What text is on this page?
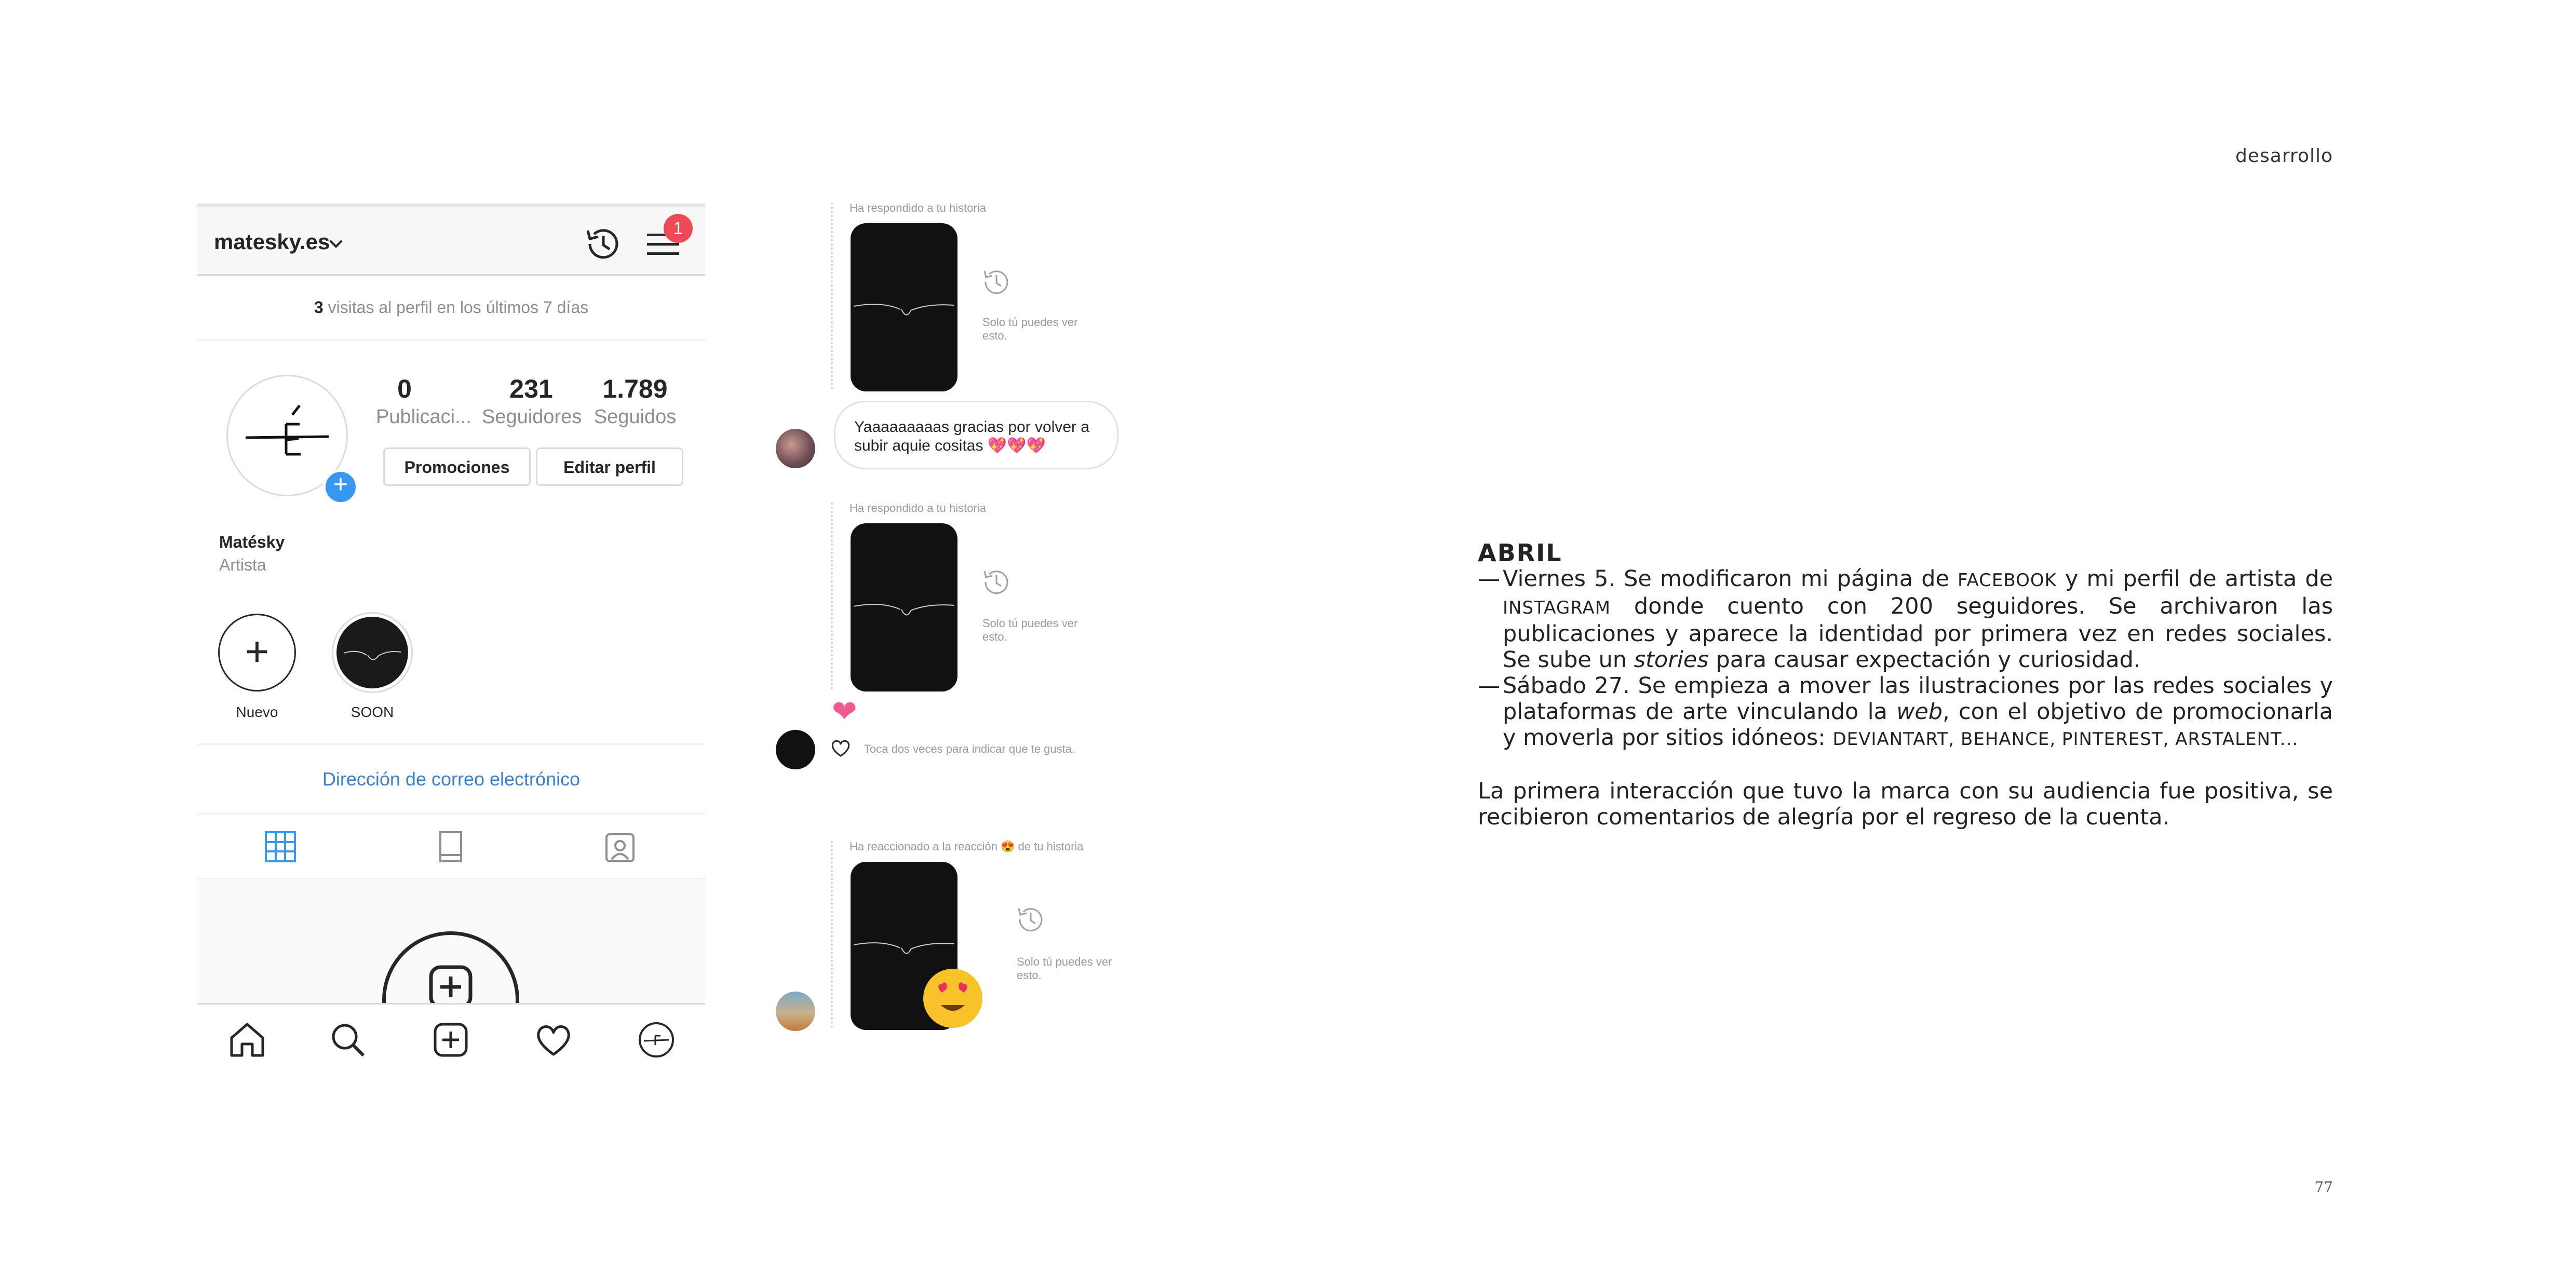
desarrollo
77
matesky.es
1
3 visitas al perfil en los últimos 7 días
+
0
Publicaci...
231
Seguidores
1.789
Seguidos
Promociones	Editar perfil
Matésky
Artista
+
Nuevo	SOON
Dirección de correo electrónico
Ha respondido a tu historia
Solo tú puedes ver esto.
Yaaaaaaaaas gracias por volver a subir aquie cositas 💖💖💖
Ha respondido a tu historia
Solo tú puedes ver esto.
❤
Toca dos veces para indicar que te gusta.
Ha reaccionado a la reacción 😍 de tu historia
Solo tú puedes ver esto.
ABRIL
— Viernes 5. Se modificaron mi página de FACEBOOK y mi perfil de artista de INSTAGRAM donde cuento con 200 seguidores. Se archivaron las publicaciones y aparece la identidad por primera vez en redes sociales. Se sube un stories para causar expectación y curiosidad.
— Sábado 27. Se empieza a mover las ilustraciones por las redes sociales y plataformas de arte vinculando la web, con el objetivo de promocionarla y moverla por sitios idóneos: DEVIANTART, BEHANCE, PINTEREST, ARSTALENT...
La primera interacción que tuvo la marca con su audiencia fue positiva, se recibieron comentarios de alegría por el regreso de la cuenta.
